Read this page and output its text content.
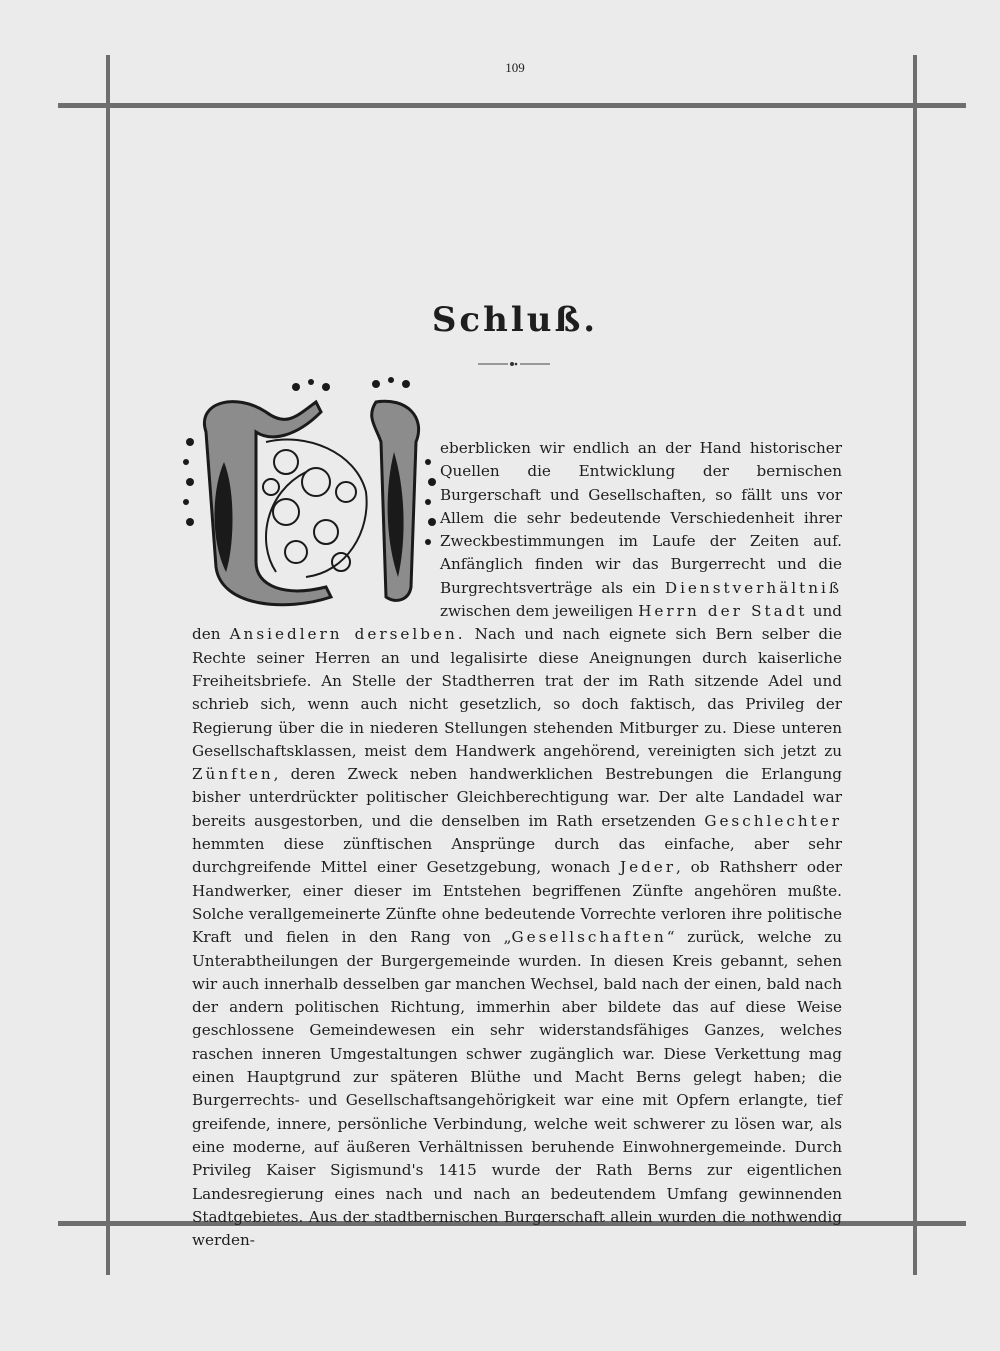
109
Schluß.
U

eberblicken wir endlich an der Hand historischer Quellen die Entwicklung der bernischen Burgerschaft und Gesellschaften, so fällt uns vor Allem die sehr bedeutende Verschiedenheit ihrer Zweckbestimmungen im Laufe der Zeiten auf. Anfänglich finden wir das Burgerrecht und die Burgrechtsverträge als ein Dienstverhältniß zwischen dem jeweiligen Herrn der Stadt und den Ansiedlern derselben. Nach und nach eignete sich Bern selber die Rechte seiner Herren an und legalisirte diese Aneignungen durch kaiserliche Freiheitsbriefe. An Stelle der Stadtherren trat der im Rath sitzende Adel und schrieb sich, wenn auch nicht gesetzlich, so doch faktisch, das Privileg der Regierung über die in niederen Stellungen stehenden Mitburger zu. Diese unteren Gesellschaftsklassen, meist dem Handwerk angehörend, vereinigten sich jetzt zu Zünften, deren Zweck neben handwerklichen Bestrebungen die Erlangung bisher unterdrückter politischer Gleichberechtigung war. Der alte Landadel war bereits ausgestorben, und die denselben im Rath ersetzenden Geschlechter hemmten diese zünftischen Ansprünge durch das einfache, aber sehr durchgreifende Mittel einer Gesetzgebung, wonach Jeder, ob Rathsherr oder Handwerker, einer dieser im Entstehen begriffenen Zünfte angehören mußte. Solche verallgemeinerte Zünfte ohne bedeutende Vorrechte verloren ihre politische Kraft und fielen in den Rang von „Gesellschaften“ zurück, welche zu Unterabtheilungen der Burgergemeinde wurden. In diesen Kreis gebannt, sehen wir auch innerhalb desselben gar manchen Wechsel, bald nach der einen, bald nach der andern politischen Richtung, immerhin aber bildete das auf diese Weise geschlossene Gemeindewesen ein sehr widerstandsfähiges Ganzes, welches raschen inneren Umgestaltungen schwer zugänglich war. Diese Verkettung mag einen Hauptgrund zur späteren Blüthe und Macht Berns gelegt haben; die Burgerrechts- und Gesellschaftsangehörigkeit war eine mit Opfern erlangte, tief greifende, innere, persönliche Verbindung, welche weit schwerer zu lösen war, als eine moderne, auf äußeren Verhältnissen beruhende Einwohnergemeinde. Durch Privileg Kaiser Sigismund's 1415 wurde der Rath Berns zur eigentlichen Landesregierung eines nach und nach an bedeutendem Umfang gewinnenden Stadtgebietes. Aus der stadtbernischen Burgerschaft allein wurden die nothwendig werden-
